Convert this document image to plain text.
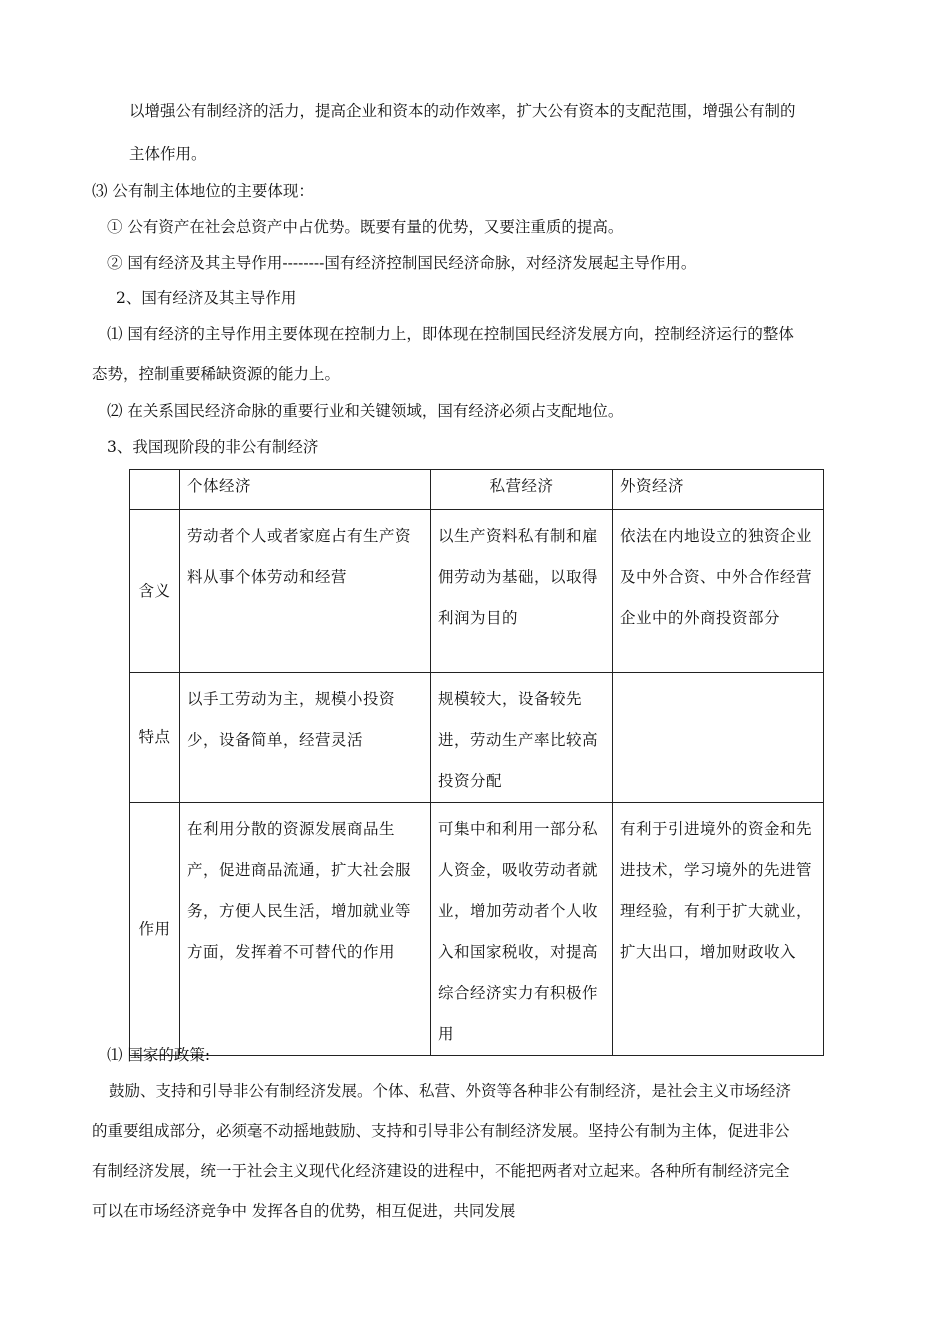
以增强公有制经济的活力，提高企业和资本的动作效率，扩大公有资本的支配范围，增强公有制的
主体作用。
⑶ 公有制主体地位的主要体现：
① 公有资产在社会总资产中占优势。既要有量的优势，又要注重质的提高。
② 国有经济及其主导作用--------国有经济控制国民经济命脉，对经济发展起主导作用。
2、国有经济及其主导作用
⑴ 国有经济的主导作用主要体现在控制力上，即体现在控制国民经济发展方向，控制经济运行的整体
态势，控制重要稀缺资源的能力上。
⑵ 在关系国民经济命脉的重要行业和关键领域，国有经济必须占支配地位。
3、我国现阶段的非公有制经济
	个体经济	私营经济	外资经济
含义	劳动者个人或者家庭占有生产资料从事个体劳动和经营	以生产资料私有制和雇佣劳动为基础，以取得利润为目的	依法在内地设立的独资企业及中外合资、中外合作经营企业中的外商投资部分
特点	以手工劳动为主，规模小投资少，设备简单，经营灵活	规模较大，设备较先进，劳动生产率比较高　 投资分配	
作用	在利用分散的资源发展商品生产，促进商品流通，扩大社会服务，方便人民生活，增加就业等方面，发挥着不可替代的作用	可集中和利用一部分私人资金，吸收劳动者就业，增加劳动者个人收入和国家税收，对提高综合经济实力有积极作用	有利于引进境外的资金和先进技术，学习境外的先进管理经验，有利于扩大就业，扩大出口，增加财政收入
⑴ 国家的政策:
鼓励、支持和引导非公有制经济发展。个体、私营、外资等各种非公有制经济，是社会主义市场经济
的重要组成部分，必须毫不动摇地鼓励、支持和引导非公有制经济发展。坚持公有制为主体，促进非公
有制经济发展，统一于社会主义现代化经济建设的进程中，不能把两者对立起来。各种所有制经济完全
可以在市场经济竞争中 发挥各自的优势，相互促进，共同发展
